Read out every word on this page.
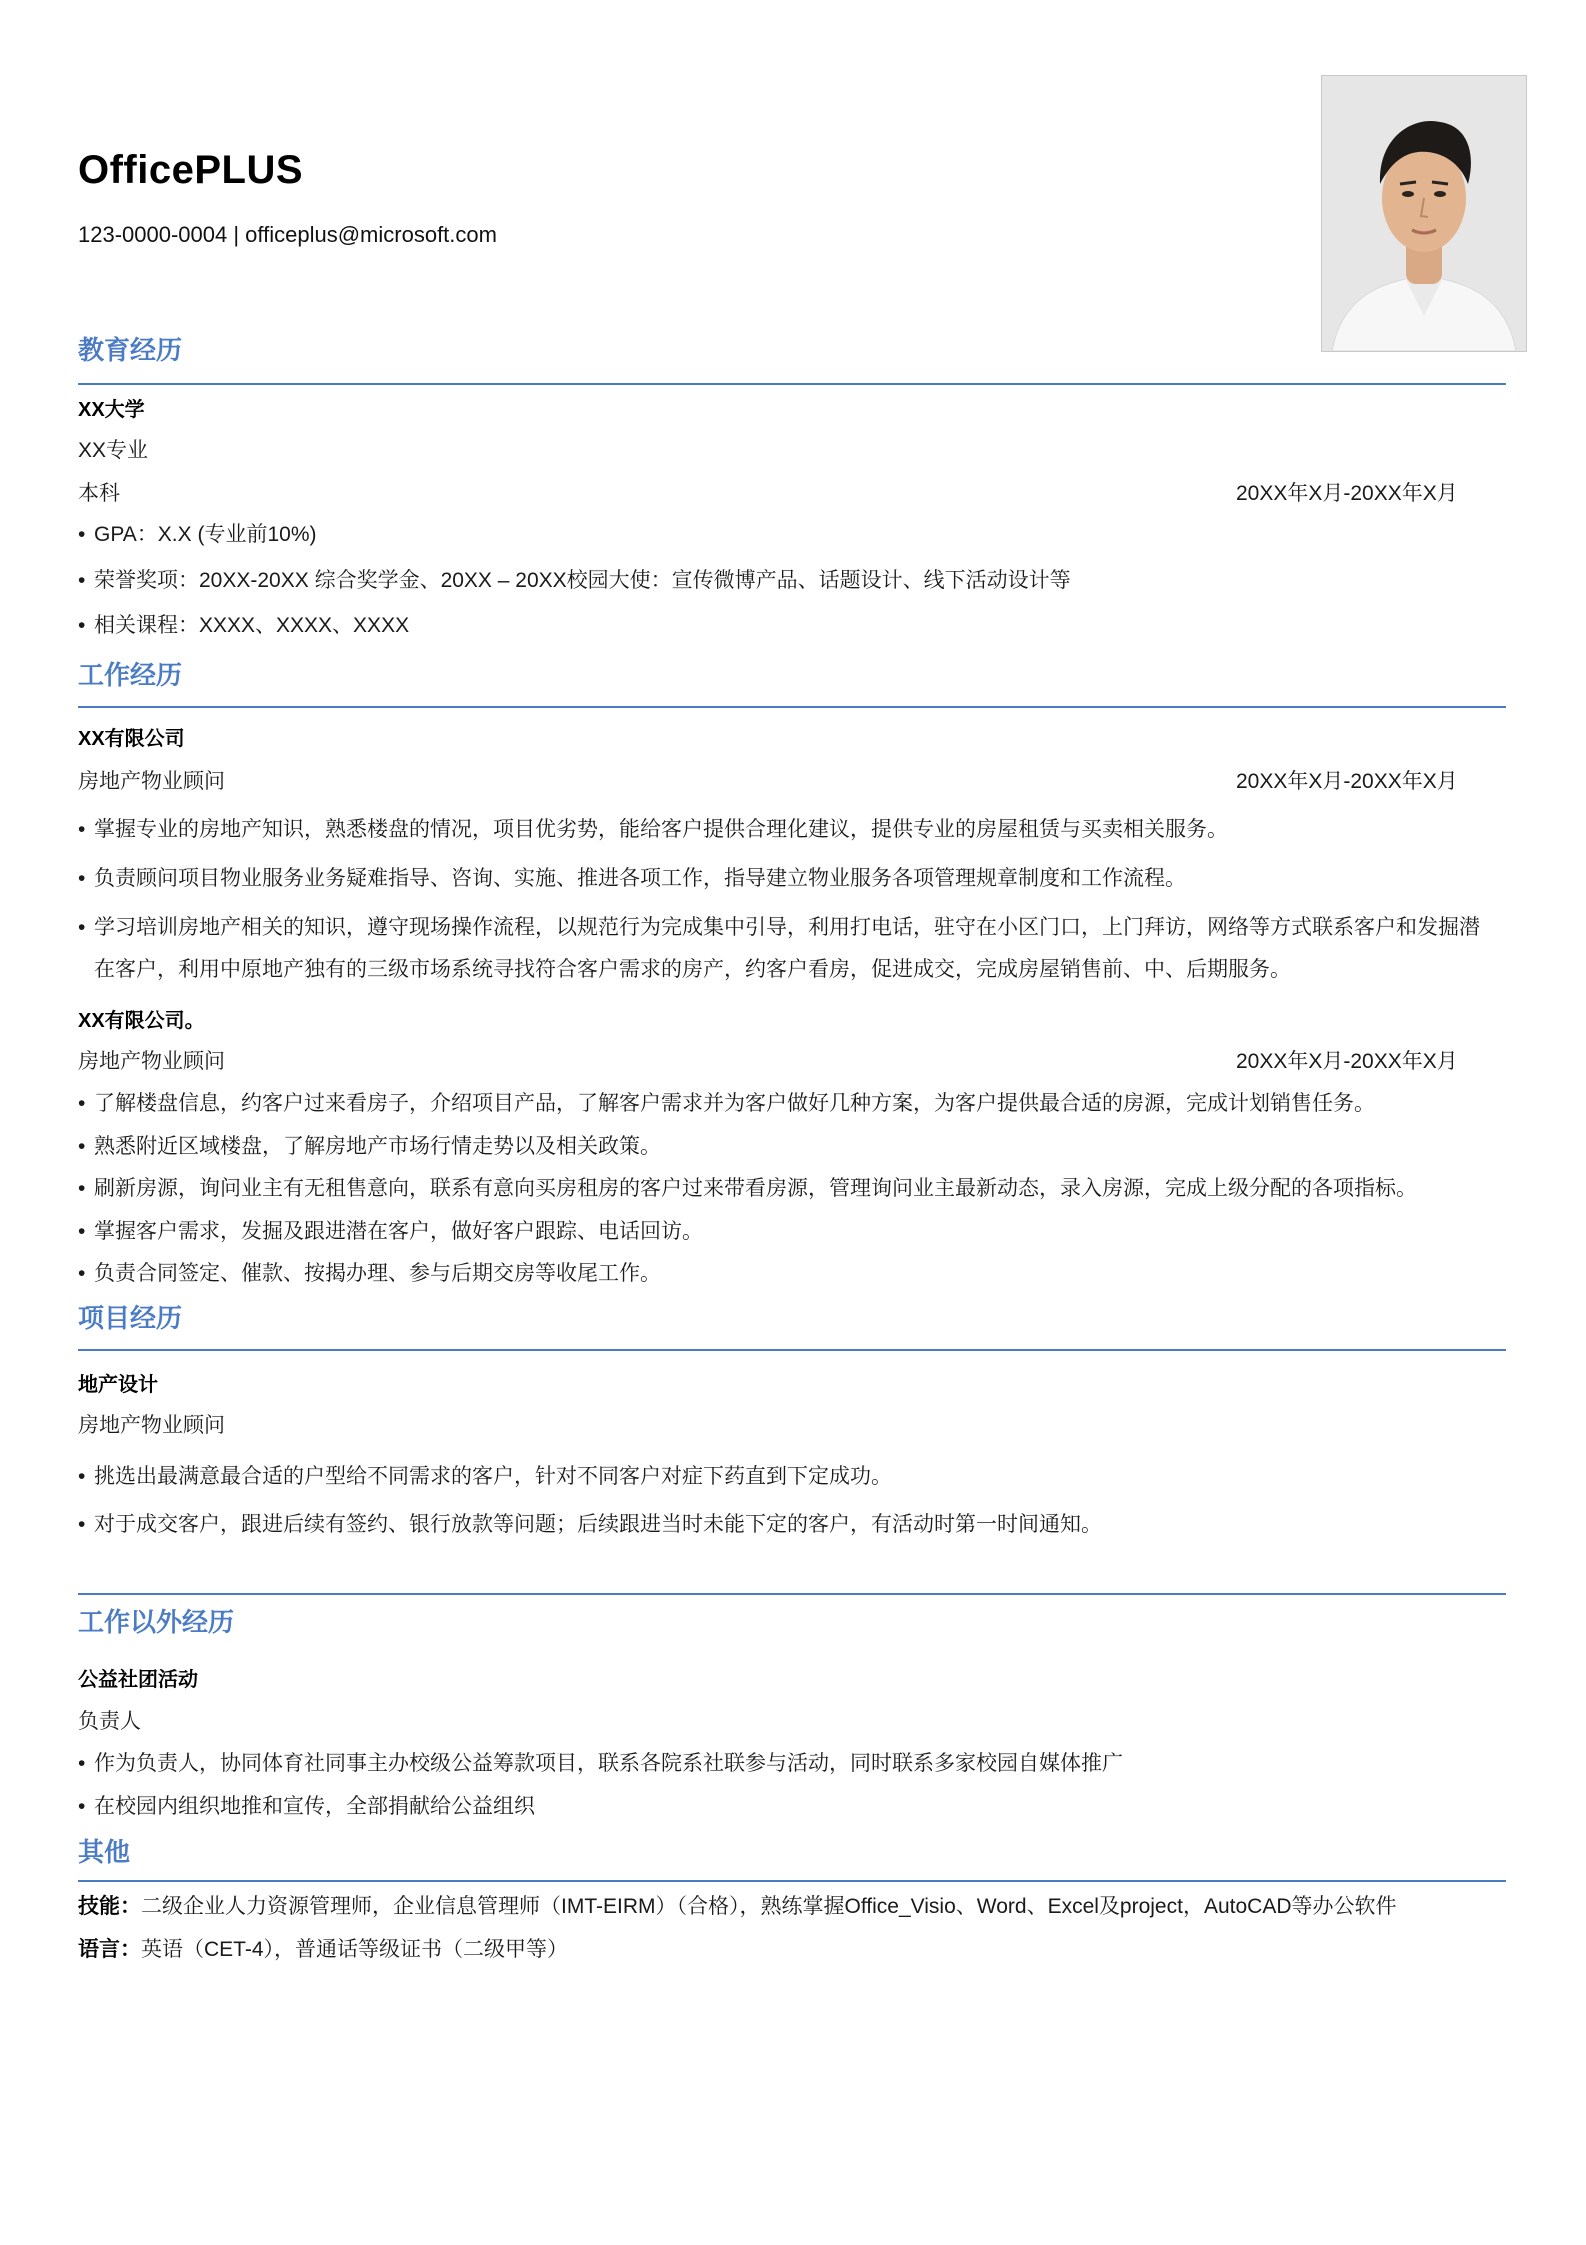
OfficePLUS
123-0000-0004 | officeplus@microsoft.com
教育经历
XX大学
XX专业
本科	20XX年X月-20XX年X月
• GPA：X.X (专业前10%)
• 荣誉奖项：20XX-20XX 综合奖学金、20XX – 20XX校园大使：宣传微博产品、话题设计、线下活动设计等
• 相关课程：XXXX、XXXX、XXXX
工作经历
XX有限公司
房地产物业顾问	20XX年X月-20XX年X月
• 掌握专业的房地产知识，熟悉楼盘的情况，项目优劣势，能给客户提供合理化建议，提供专业的房屋租赁与买卖相关服务。
• 负责顾问项目物业服务业务疑难指导、咨询、实施、推进各项工作，指导建立物业服务各项管理规章制度和工作流程。
• 学习培训房地产相关的知识，遵守现场操作流程，以规范行为完成集中引导，利用打电话，驻守在小区门口，上门拜访，网络等方式联系客户和发掘潜
在客户，利用中原地产独有的三级市场系统寻找符合客户需求的房产，约客户看房，促进成交，完成房屋销售前、中、后期服务。
XX有限公司。
房地产物业顾问	20XX年X月-20XX年X月
• 了解楼盘信息，约客户过来看房子，介绍项目产品，了解客户需求并为客户做好几种方案，为客户提供最合适的房源，完成计划销售任务。
• 熟悉附近区域楼盘，了解房地产市场行情走势以及相关政策。
• 刷新房源，询问业主有无租售意向，联系有意向买房租房的客户过来带看房源，管理询问业主最新动态，录入房源，完成上级分配的各项指标。
• 掌握客户需求，发掘及跟进潜在客户，做好客户跟踪、电话回访。
• 负责合同签定、催款、按揭办理、参与后期交房等收尾工作。
项目经历
地产设计
房地产物业顾问
• 挑选出最满意最合适的户型给不同需求的客户，针对不同客户对症下药直到下定成功。
• 对于成交客户，跟进后续有签约、银行放款等问题；后续跟进当时未能下定的客户，有活动时第一时间通知。
工作以外经历
公益社团活动
负责人
• 作为负责人，协同体育社同事主办校级公益筹款项目，联系各院系社联参与活动，同时联系多家校园自媒体推广
• 在校园内组织地推和宣传，全部捐献给公益组织
其他
技能：二级企业人力资源管理师，企业信息管理师（IMT-EIRM）（合格），熟练掌握Office_Visio、Word、Excel及project，AutoCAD等办公软件
语言：英语（CET-4），普通话等级证书（二级甲等）
